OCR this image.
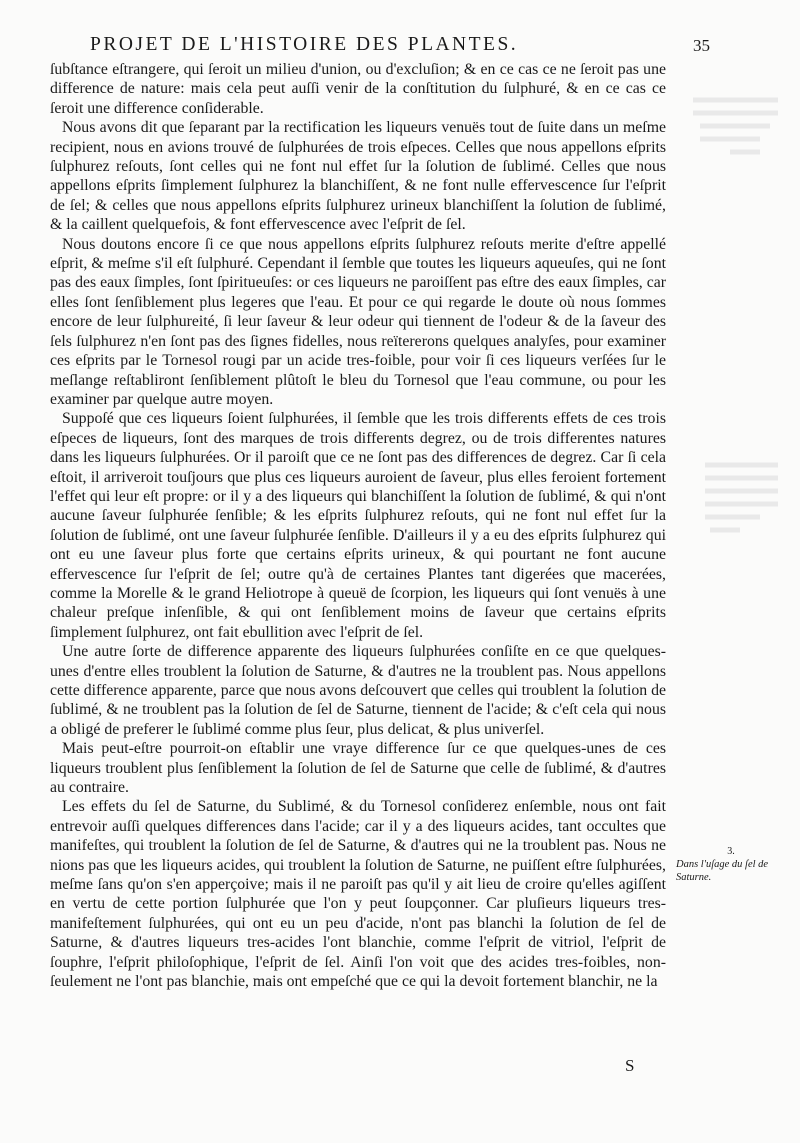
PROJET DE L'HISTOIRE DES PLANTES.	35

ſubſtance eſtrangere, qui ſeroit un milieu d'union, ou d'excluſion; & en ce cas ce ne ſeroit pas une difference de nature: mais cela peut auſſi venir de la conſtitution du ſulphuré, & en ce cas ce ſeroit une difference conſiderable.

Nous avons dit que ſeparant par la rectification les liqueurs venuës tout de ſuite dans un meſme recipient, nous en avions trouvé de ſulphurées de trois eſpeces. Celles que nous appellons eſprits ſulphurez reſouts, ſont celles qui ne font nul effet ſur la ſolution de ſublimé. Celles que nous appellons eſprits ſimplement ſulphurez la blanchiſſent, & ne font nulle effervescence ſur l'eſprit de ſel; & celles que nous appellons eſprits ſulphurez urineux blanchiſſent la ſolution de ſublimé, & la caillent quelquefois, & font effervescence avec l'eſprit de ſel.

Nous doutons encore ſi ce que nous appellons eſprits ſulphurez reſouts merite d'eſtre appellé eſprit, & meſme s'il eſt ſulphuré. Cependant il ſemble que toutes les liqueurs aqueuſes, qui ne ſont pas des eaux ſimples, ſont ſpiritueuſes: or ces liqueurs ne paroiſſent pas eſtre des eaux ſimples, car elles ſont ſenſiblement plus legeres que l'eau. Et pour ce qui regarde le doute où nous ſommes encore de leur ſulphureité, ſi leur ſaveur & leur odeur qui tiennent de l'odeur & de la ſaveur des ſels ſulphurez n'en ſont pas des ſignes fidelles, nous reïtererons quelques analyſes, pour examiner ces eſprits par le Tornesol rougi par un acide tres-foible, pour voir ſi ces liqueurs verſées ſur le meſlange reſtabliront ſenſiblement plûtoſt le bleu du Tornesol que l'eau commune, ou pour les examiner par quelque autre moyen.

Suppoſé que ces liqueurs ſoient ſulphurées, il ſemble que les trois differents effets de ces trois eſpeces de liqueurs, ſont des marques de trois differents degrez, ou de trois differentes natures dans les liqueurs ſulphurées. Or il paroiſt que ce ne ſont pas des differences de degrez. Car ſi cela eſtoit, il arriveroit touſjours que plus ces liqueurs auroient de ſaveur, plus elles feroient fortement l'effet qui leur eſt propre: or il y a des liqueurs qui blanchiſſent la ſolution de ſublimé, & qui n'ont aucune ſaveur ſulphurée ſenſible; & les eſprits ſulphurez reſouts, qui ne font nul effet ſur la ſolution de ſublimé, ont une ſaveur ſulphurée ſenſible. D'ailleurs il y a eu des eſprits ſulphurez qui ont eu une ſaveur plus forte que certains eſprits urineux, & qui pourtant ne font aucune effervescence ſur l'eſprit de ſel; outre qu'à de certaines Plantes tant digerées que macerées, comme la Morelle & le grand Heliotrope à queuë de ſcorpion, les liqueurs qui ſont venuës à une chaleur preſque inſenſible, & qui ont ſenſiblement moins de ſaveur que certains eſprits ſimplement ſulphurez, ont fait ebullition avec l'eſprit de ſel.

Une autre ſorte de difference apparente des liqueurs ſulphurées conſiſte en ce que quelques-unes d'entre elles troublent la ſolution de Saturne, & d'autres ne la troublent pas. Nous appellons cette difference apparente, parce que nous avons deſcouvert que celles qui troublent la ſolution de ſublimé, & ne troublent pas la ſolution de ſel de Saturne, tiennent de l'acide; & c'eſt cela qui nous a obligé de preferer le ſublimé comme plus ſeur, plus delicat, & plus univerſel.

Mais peut-eſtre pourroit-on eſtablir une vraye difference ſur ce que quelques-unes de ces liqueurs troublent plus ſenſiblement la ſolution de ſel de Saturne que celle de ſublimé, & d'autres au contraire.

Les effets du ſel de Saturne, du Sublimé, & du Tornesol conſiderez enſemble, nous ont fait entrevoir auſſi quelques differences dans l'acide; car il y a des liqueurs acides, tant occultes que manifeſtes, qui troublent la ſolution de ſel de Saturne, & d'autres qui ne la troublent pas. Nous ne nions pas que les liqueurs acides, qui troublent la ſolution de Saturne, ne puiſſent eſtre ſulphurées, meſme ſans qu'on s'en apperçoive; mais il ne paroiſt pas qu'il y ait lieu de croire qu'elles agiſſent en vertu de cette portion ſulphurée que l'on y peut ſoupçonner. Car pluſieurs liqueurs tres-manifeſtement ſulphurées, qui ont eu un peu d'acide, n'ont pas blanchi la ſolution de ſel de Saturne, & d'autres liqueurs tres-acides l'ont blanchie, comme l'eſprit de vitriol, l'eſprit de ſouphre, l'eſprit philoſophique, l'eſprit de ſel. Ainſi l'on voit que des acides tres-foibles, non-ſeulement ne l'ont pas blanchie, mais ont empeſché que ce qui la devoit fortement blanchir, ne la

3.
Dans l'uſage du ſel de Saturne.
S
